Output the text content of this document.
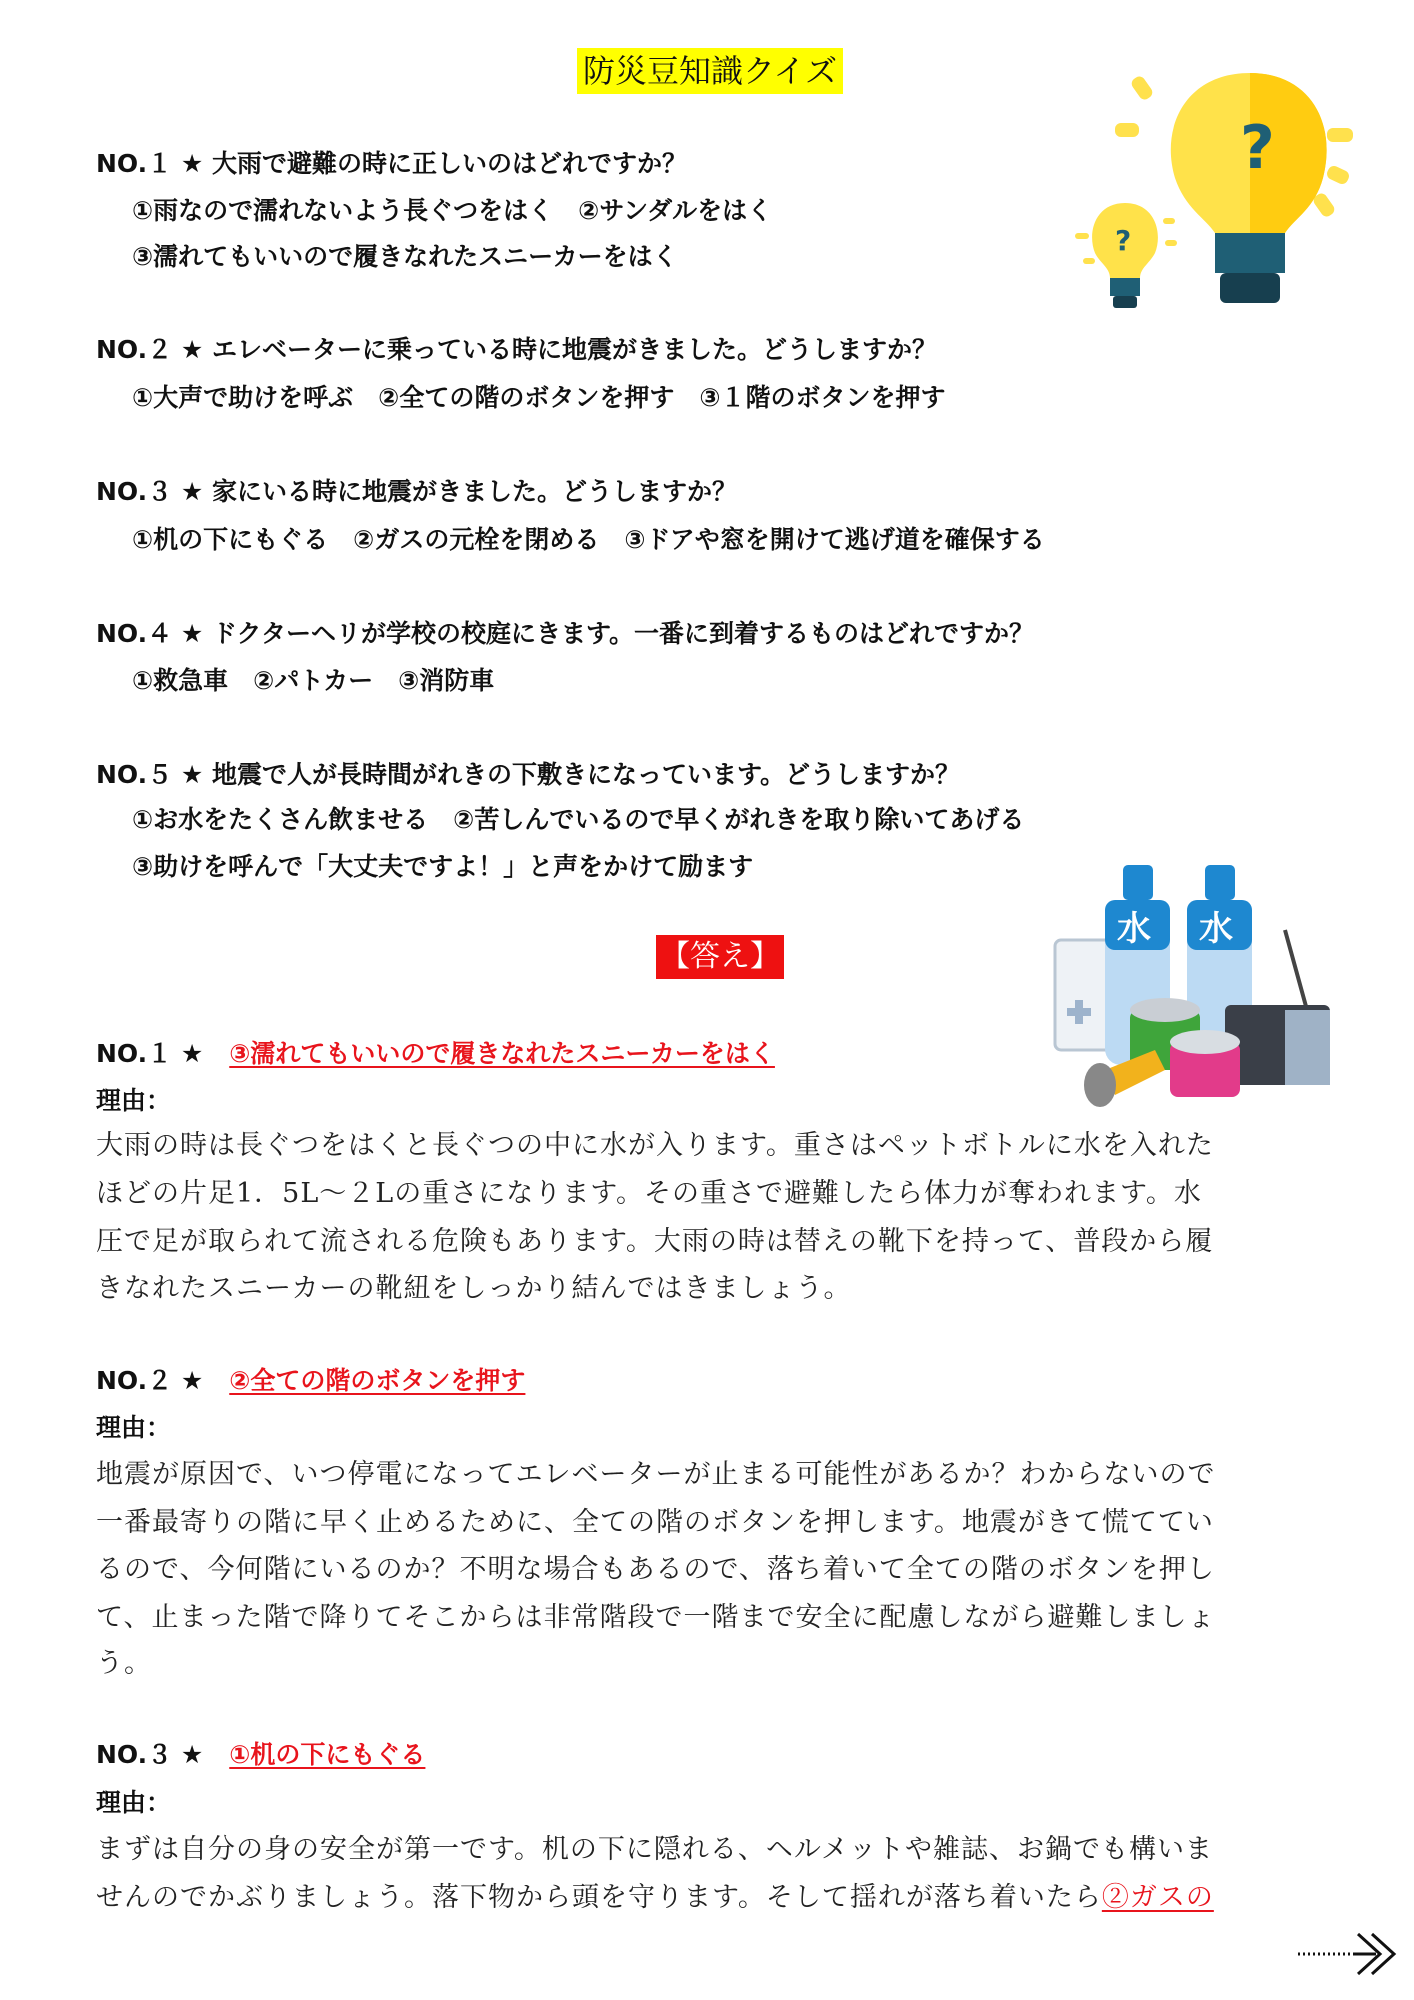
防災豆知識クイズ
?
?
NO.１ ★ 大雨で避難の時に正しいのはどれですか？
①雨なので濡れないよう長ぐつをはく　②サンダルをはく
③濡れてもいいので履きなれたスニーカーをはく
NO.２ ★ エレベーターに乗っている時に地震がきました。どうしますか？
①大声で助けを呼ぶ　②全ての階のボタンを押す　③１階のボタンを押す
NO.３ ★ 家にいる時に地震がきました。どうしますか？
①机の下にもぐる　②ガスの元栓を閉める　③ドアや窓を開けて逃げ道を確保する
NO.４ ★ ドクターヘリが学校の校庭にきます。一番に到着するものはどれですか？
①救急車　②パトカー　③消防車
NO.５ ★ 地震で人が長時間がれきの下敷きになっています。どうしますか？
①お水をたくさん飲ませる　②苦しんでいるので早くがれきを取り除いてあげる
③助けを呼んで「大丈夫ですよ！」と声をかけて励ます
水 水
【答え】
NO.１ ★ ③濡れてもいいので履きなれたスニーカーをはく
理由：
大雨の時は長ぐつをはくと長ぐつの中に水が入ります。重さはペットボトルに水を入れた
ほどの片足1．5L～２Lの重さになります。その重さで避難したら体力が奪われます。水
圧で足が取られて流される危険もあります。大雨の時は替えの靴下を持って、普段から履
きなれたスニーカーの靴紐をしっかり結んではきましょう。
NO.２ ★ ②全ての階のボタンを押す
理由：
地震が原因で、いつ停電になってエレベーターが止まる可能性があるか？わからないので
一番最寄りの階に早く止めるために、全ての階のボタンを押します。地震がきて慌ててい
るので、今何階にいるのか？不明な場合もあるので、落ち着いて全ての階のボタンを押し
て、止まった階で降りてそこからは非常階段で一階まで安全に配慮しながら避難しましょ
う。
NO.３ ★ ①机の下にもぐる
理由：
まずは自分の身の安全が第一です。机の下に隠れる、ヘルメットや雑誌、お鍋でも構いま
せんのでかぶりましょう。落下物から頭を守ります。そして揺れが落ち着いたら②ガスの
